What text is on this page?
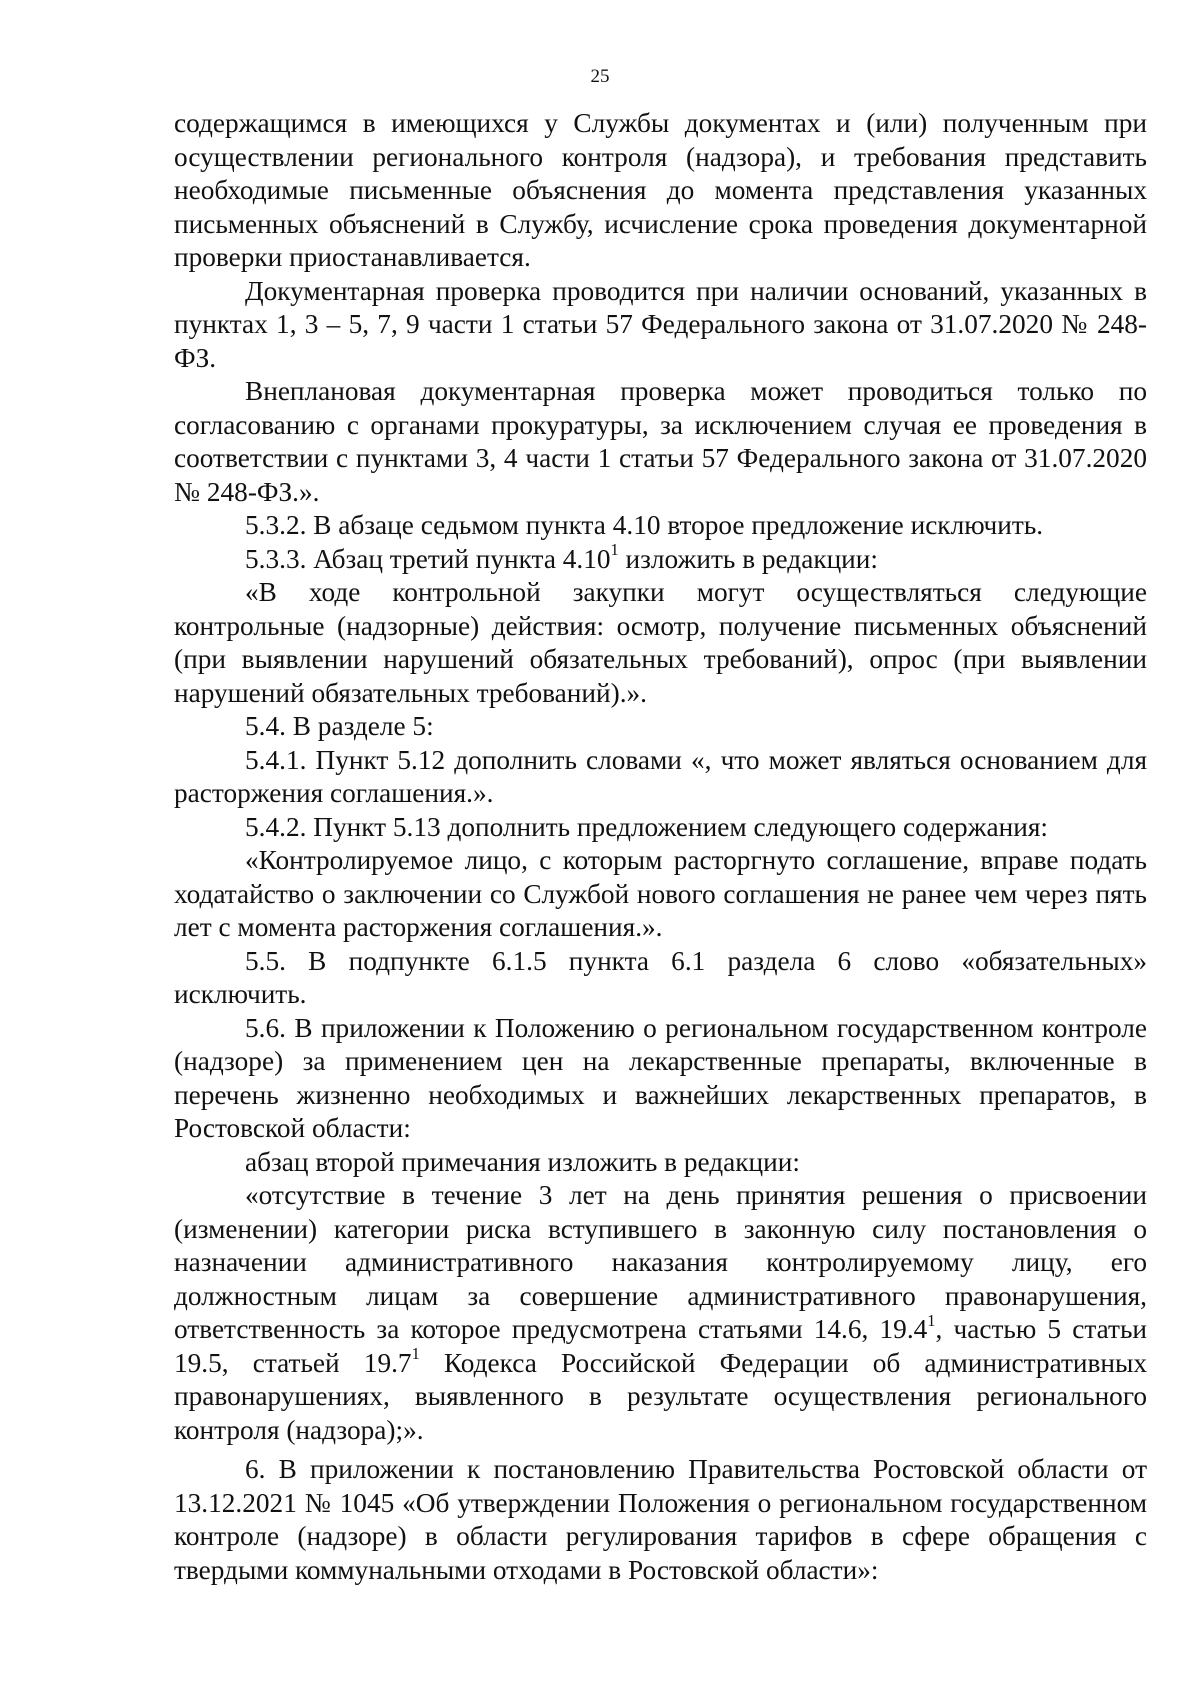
25

содержащимся в имеющихся у Службы документах и (или) полученным при осуществлении регионального контроля (надзора), и требования представить необходимые письменные объяснения до момента представления указанных письменных объяснений в Службу, исчисление срока проведения документарной проверки приостанавливается.

Документарная проверка проводится при наличии оснований, указанных в пунктах 1, 3 – 5, 7, 9 части 1 статьи 57 Федерального закона от 31.07.2020 № 248-ФЗ.

Внеплановая документарная проверка может проводиться только по согласованию с органами прокуратуры, за исключением случая ее проведения в соответствии с пунктами 3, 4 части 1 статьи 57 Федерального закона от 31.07.2020 № 248-ФЗ.».

5.3.2. В абзаце седьмом пункта 4.10 второе предложение исключить.

5.3.3. Абзац третий пункта 4.10$^1$ изложить в редакции:

«В ходе контрольной закупки могут осуществляться следующие контрольные (надзорные) действия: осмотр, получение письменных объяснений (при выявлении нарушений обязательных требований), опрос (при выявлении нарушений обязательных требований).».

5.4. В разделе 5:

5.4.1. Пункт 5.12 дополнить словами «, что может являться основанием для расторжения соглашения.».

5.4.2. Пункт 5.13 дополнить предложением следующего содержания:

«Контролируемое лицо, с которым расторгнуто соглашение, вправе подать ходатайство о заключении со Службой нового соглашения не ранее чем через пять лет с момента расторжения соглашения.».

5.5. В подпункте 6.1.5 пункта 6.1 раздела 6 слово «обязательных» исключить.

5.6. В приложении к Положению о региональном государственном контроле (надзоре) за применением цен на лекарственные препараты, включенные в перечень жизненно необходимых и важнейших лекарственных препаратов, в Ростовской области:

абзац второй примечания изложить в редакции:

«отсутствие в течение 3 лет на день принятия решения о присвоении (изменении) категории риска вступившего в законную силу постановления о назначении административного наказания контролируемому лицу, его должностным лицам за совершение административного правонарушения, ответственность за которое предусмотрена статьями 14.6, 19.4$^1$, частью 5 статьи 19.5, статьей 19.7$^1$ Кодекса Российской Федерации об административных правонарушениях, выявленного в результате осуществления регионального контроля (надзора);».

6. В приложении к постановлению Правительства Ростовской области от 13.12.2021 № 1045 «Об утверждении Положения о региональном государственном контроле (надзоре) в области регулирования тарифов в сфере обращения с твердыми коммунальными отходами в Ростовской области»:
